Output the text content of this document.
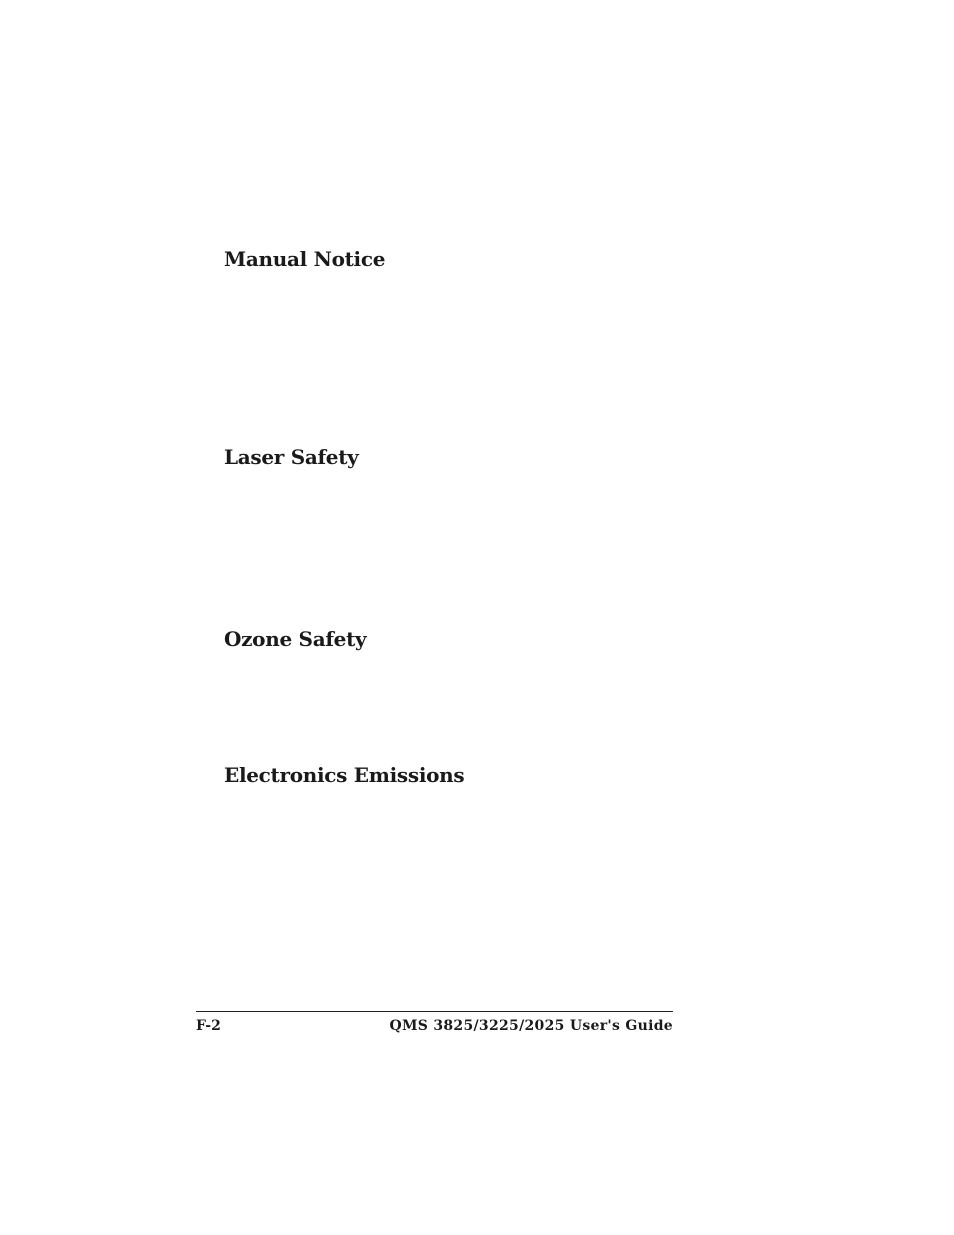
Manual Notice
Laser Safety
Ozone Safety
Electronics Emissions
F-2	QMS 3825/3225/2025 User's Guide
